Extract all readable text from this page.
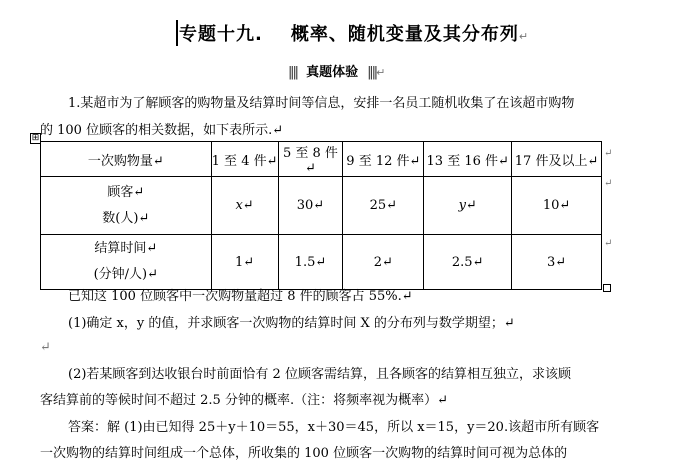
专题十九. 概率、随机变量及其分布列↵
‖‖ 真题体验 ‖‖↵
1.某超市为了解顾客的购物量及结算时间等信息，安排一名员工随机收集了在该超市购物
的 100 位顾客的相关数据，如下表所示.↵
⊞
一次购物量↵	1 至 4 件↵	5 至 8 件↵	9 至 12 件↵	13 至 16 件↵	17 件及以上↵

顾客↵
数(人)↵	x↵	30↵	25↵	y↵	10↵

结算时间↵
(分钟/人)↵	1↵	1.5↵	2↵	2.5↵	3↵
↵
↵
↵
已知这 100 位顾客中一次购物量超过 8 件的顾客占 55%.↵
(1)确定 x，y 的值，并求顾客一次购物的结算时间 X 的分布列与数学期望；↵
↵
(2)若某顾客到达收银台时前面恰有 2 位顾客需结算，且各顾客的结算相互独立，求该顾
客结算前的等候时间不超过 2.5 分钟的概率.（注：将频率视为概率）↵
答案：解 (1)由已知得 25＋y＋10＝55，x＋30＝45，所以 x＝15，y＝20.该超市所有顾客
一次购物的结算时间组成一个总体，所收集的 100 位顾客一次购物的结算时间可视为总体的
